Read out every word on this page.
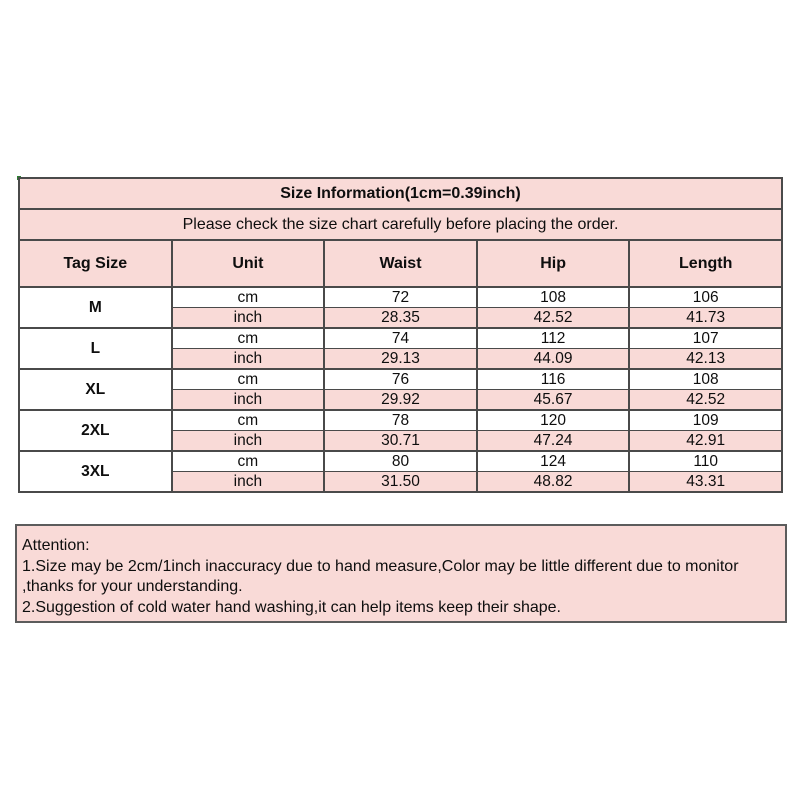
Size Information(1cm=0.39inch)				
Please check the size chart carefully before placing the order.				
Tag Size	Unit	Waist	Hip	Length
M	cm	72	108	106
	inch	28.35	42.52	41.73
L	cm	74	112	107
	inch	29.13	44.09	42.13
XL	cm	76	116	108
	inch	29.92	45.67	42.52
2XL	cm	78	120	109
	inch	30.71	47.24	42.91
3XL	cm	80	124	110
	inch	31.50	48.82	43.31
Attention:
1.Size may be 2cm/1inch inaccuracy due to hand measure,Color may be little different due to monitor
,thanks for your understanding.
2.Suggestion of cold water hand washing,it can help items keep their shape.
